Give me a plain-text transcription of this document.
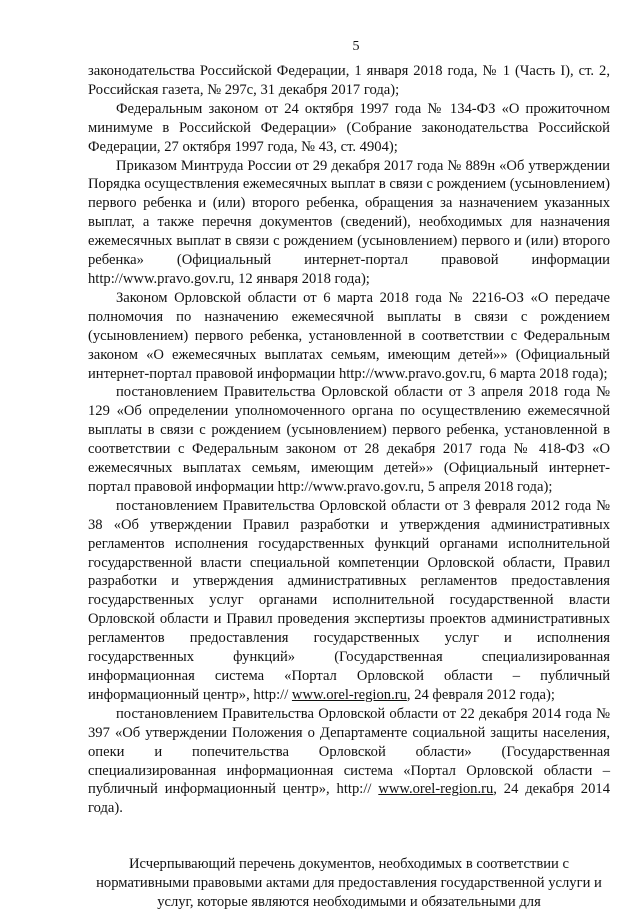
5

законодательства Российской Федерации, 1 января 2018 года, № 1 (Часть I), ст. 2, Российская газета, № 297с, 31 декабря 2017 года);

Федеральным законом от 24 октября 1997 года № 134-ФЗ «О прожиточном минимуме в Российской Федерации» (Собрание законодательства Российской Федерации, 27 октября 1997 года, № 43, ст. 4904);

Приказом Минтруда России от 29 декабря 2017 года № 889н «Об утверждении Порядка осуществления ежемесячных выплат в связи с рождением (усыновлением) первого ребенка и (или) второго ребенка, обращения за назначением указанных выплат, а также перечня документов (сведений), необходимых для назначения ежемесячных выплат в связи с рождением (усыновлением) первого и (или) второго ребенка» (Официальный интернет-портал правовой информации http://www.pravo.gov.ru, 12 января 2018 года);

Законом Орловской области от 6 марта 2018 года № 2216-ОЗ «О передаче полномочия по назначению ежемесячной выплаты в связи с рождением (усыновлением) первого ребенка, установленной в соответствии с Федеральным законом «О ежемесячных выплатах семьям, имеющим детей»» (Официальный интернет-портал правовой информации http://www.pravo.gov.ru, 6 марта 2018 года);

постановлением Правительства Орловской области от 3 апреля 2018 года № 129 «Об определении уполномоченного органа по осуществлению ежемесячной выплаты в связи с рождением (усыновлением) первого ребенка, установленной в соответствии с Федеральным законом от 28 декабря 2017 года № 418-ФЗ «О ежемесячных выплатах семьям, имеющим детей»» (Официальный интернет-портал правовой информации http://www.pravo.gov.ru, 5 апреля 2018 года);

постановлением Правительства Орловской области от 3 февраля 2012 года № 38 «Об утверждении Правил разработки и утверждения административных регламентов исполнения государственных функций органами исполнительной государственной власти специальной компетенции Орловской области, Правил разработки и утверждения административных регламентов предоставления государственных услуг органами исполнительной государственной власти Орловской области и Правил проведения экспертизы проектов административных регламентов предоставления государственных услуг и исполнения государственных функций» (Государственная специализированная информационная система «Портал Орловской области – публичный информационный центр», http:// www.orel-region.ru, 24 февраля 2012 года);

постановлением Правительства Орловской области от 22 декабря 2014 года № 397 «Об утверждении Положения о Департаменте социальной защиты населения, опеки и попечительства Орловской области» (Государственная специализированная информационная система «Портал Орловской области – публичный информационный центр», http:// www.orel-region.ru, 24 декабря 2014 года).

Исчерпывающий перечень документов, необходимых в соответствии с нормативными правовыми актами для предоставления государственной услуги и услуг, которые являются необходимыми и обязательными для
